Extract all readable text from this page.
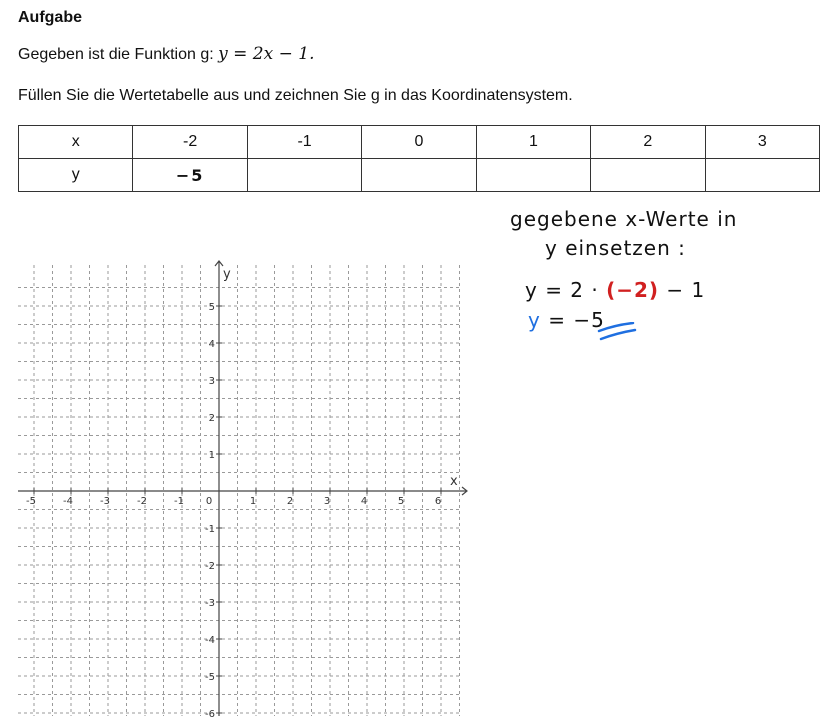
Aufgabe
Gegeben ist die Funktion g: y = 2x − 1.
Füllen Sie die Wertetabelle aus und zeichnen Sie g in das Koordinatensystem.
x	-2	-1	0	1	2	3
y	−5					
gegebene x-Werte in
y einsetzen :
y = 2 · (−2) − 1
y = −5
-5	-4	-3	-2	-1 0	1	2	3	4	5	6
5
4
3
2
1
-1
-2
-3
-4
-5
-6
x
y
